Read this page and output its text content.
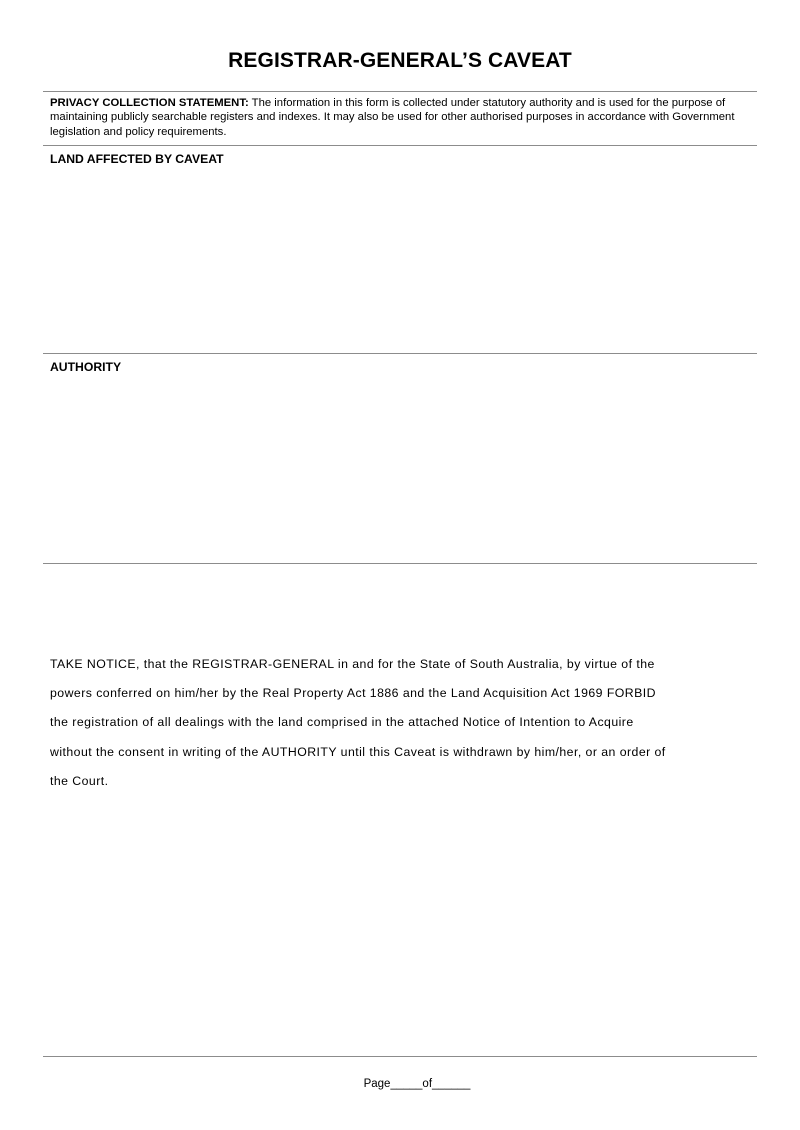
REGISTRAR-GENERAL’S CAVEAT

PRIVACY COLLECTION STATEMENT: The information in this form is collected under statutory authority and is used for the purpose of maintaining publicly searchable registers and indexes. It may also be used for other authorised purposes in accordance with Government legislation and policy requirements.

LAND AFFECTED BY CAVEAT

AUTHORITY

TAKE NOTICE, that the REGISTRAR-GENERAL in and for the State of South Australia, by virtue of the
powers conferred on him/her by the Real Property Act 1886 and the Land Acquisition Act 1969 FORBID
the registration of all dealings with the land comprised in the attached Notice of Intention to Acquire
without the consent in writing of the AUTHORITY until this Caveat is withdrawn by him/her, or an order of
the Court.

Page_____of______
